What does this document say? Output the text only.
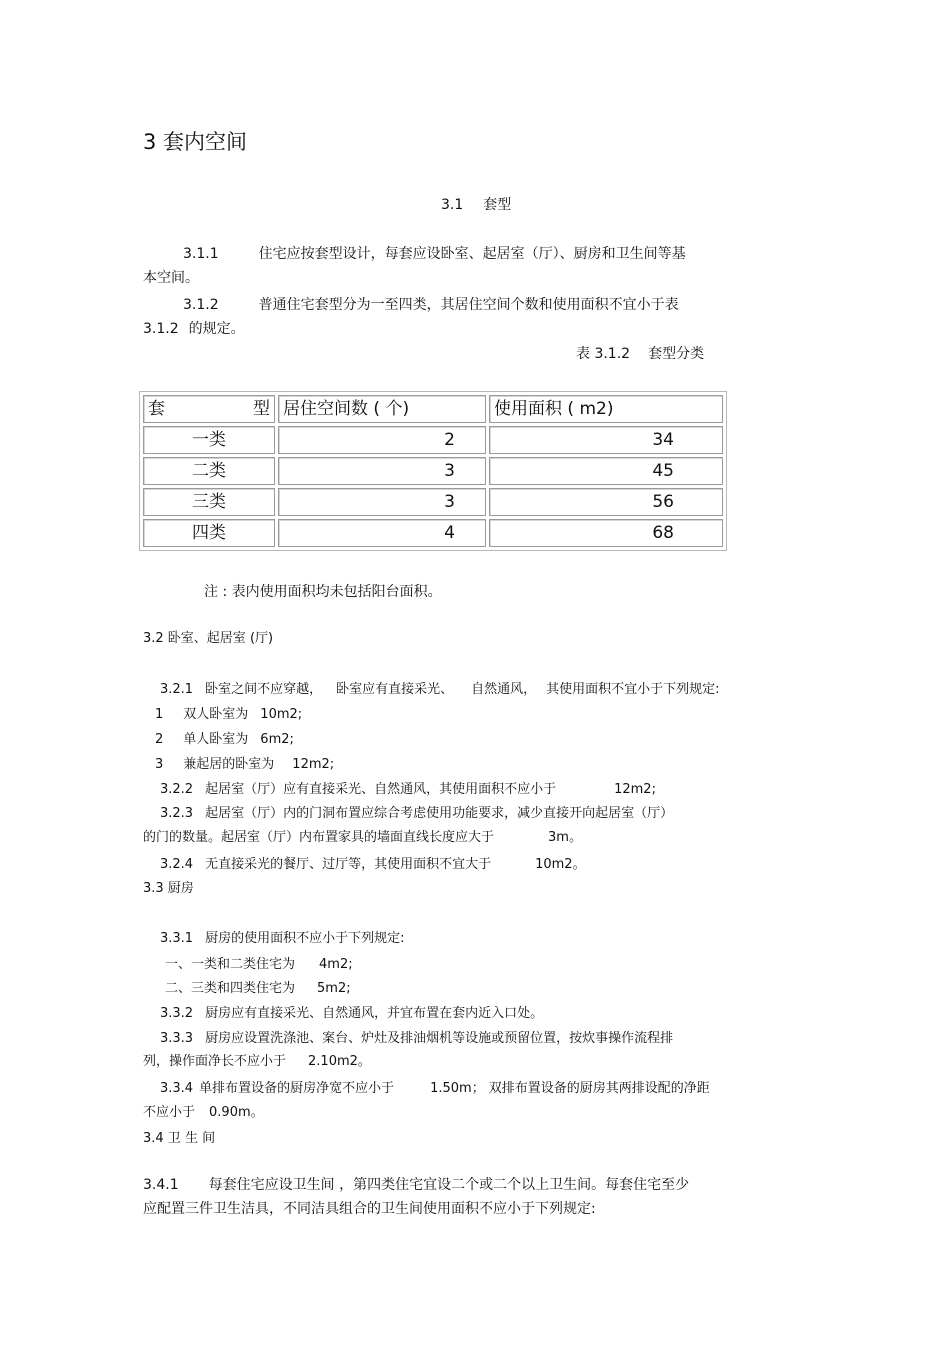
3 套内空间
3.1 套型
3.1.1	住宅应按套型设计，每套应设卧室、起居室（厅）、厨房和卫生间等基
本空间。
3.1.2	普通住宅套型分为一至四类，其居住空间个数和使用面积不宜小于表
3.1.2 的规定。
表 3.1.2 套型分类
套 型	居住空间数 ( 个)	使用面积 ( m2)
一类	2	34
二类	3	45
三类	3	56
四类	4	68
注 : 表内使用面积均未包括阳台面积。
3.2 卧室、起居室 (厅)
3.2.1 卧室之间不应穿越， 卧室应有直接采光、 自然通风， 其使用面积不宜小于下列规定:
1 双人卧室为 10m2;
2 单人卧室为 6m2;
3 兼起居的卧室为 12m2;
3.2.2 起居室（厅）应有直接采光、自然通风，其使用面积不应小于	12m2;
3.2.3 起居室（厅）内的门洞布置应综合考虑使用功能要求，减少直接开向起居室（厅）
的门的数量。起居室（厅）内布置家具的墙面直线长度应大于	3m。
3.2.4 无直接采光的餐厅、过厅等，其使用面积不宜大于	10m2。
3.3 厨房
3.3.1 厨房的使用面积不应小于下列规定:
一、一类和二类住宅为 4m2;
二、三类和四类住宅为 5m2;
3.3.2 厨房应有直接采光、自然通风，并宜布置在套内近入口处。
3.3.3 厨房应设置洗涤池、案台、炉灶及排油烟机等设施或预留位置，按炊事操作流程排
列，操作面净长不应小于 2.10m2。
3.3.4 单排布置设备的厨房净宽不应小于	1.50m； 双排布置设备的厨房其两排设配的净距
不应小于 0.90m。
3.4 卫 生 间
3.4.1 每套住宅应设卫生间 ，第四类住宅宜设二个或二个以上卫生间。每套住宅至少
应配置三件卫生洁具，不同洁具组合的卫生间使用面积不应小于下列规定:
